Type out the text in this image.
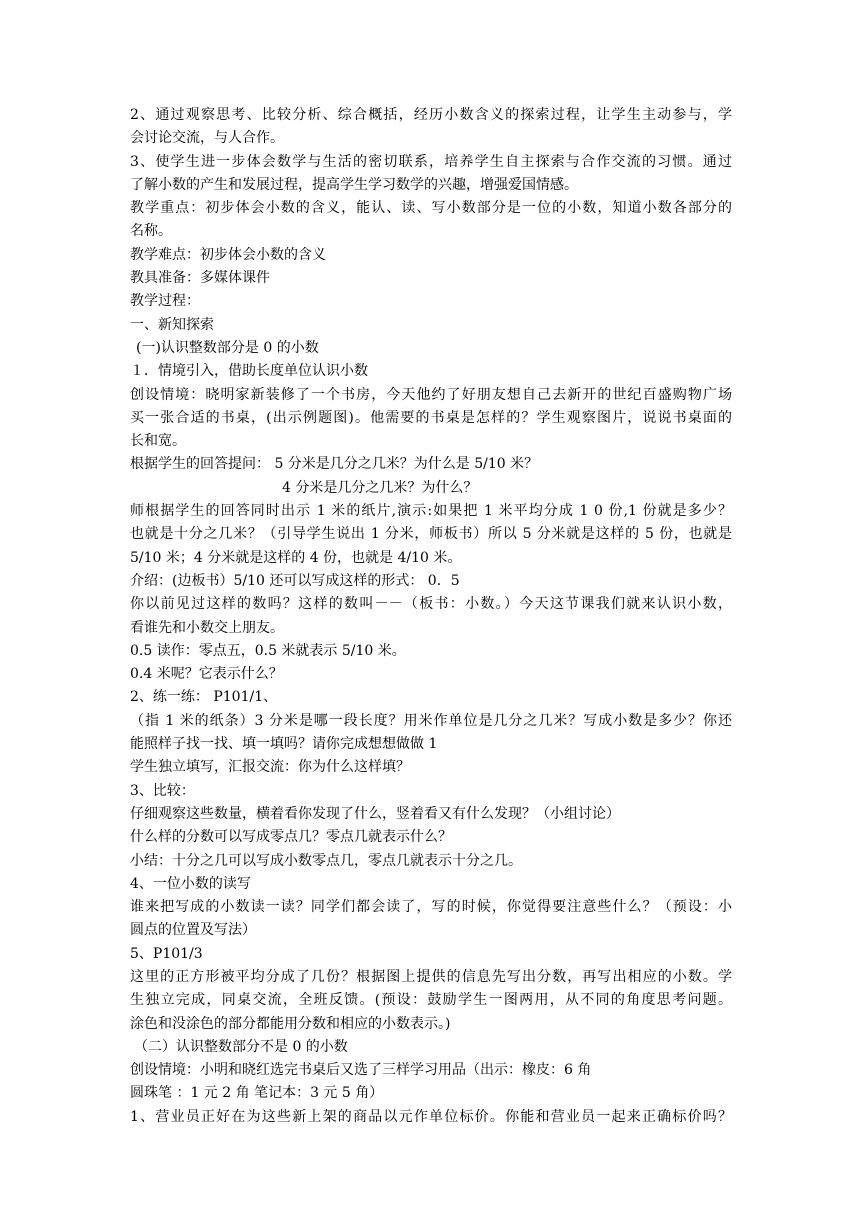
2、通过观察思考、比较分析、综合概括，经历小数含义的探索过程，让学生主动参与，学
会讨论交流，与人合作。
3、使学生进一步体会数学与生活的密切联系，培养学生自主探索与合作交流的习惯。通过
了解小数的产生和发展过程，提高学生学习数学的兴趣，增强爱国情感。
教学重点：初步体会小数的含义，能认、读、写小数部分是一位的小数，知道小数各部分的
名称。
教学难点：初步体会小数的含义
教具准备：多媒体课件
教学过程：
一、新知探索
(一)认识整数部分是 0 的小数
１．情境引入，借助长度单位认识小数
创设情境：晓明家新装修了一个书房，今天他约了好朋友想自己去新开的世纪百盛购物广场
买一张合适的书桌，(出示例题图)。他需要的书桌是怎样的？学生观察图片，说说书桌面的
长和宽。
根据学生的回答提问： 5 分米是几分之几米？为什么是 5/10 米？
4 分米是几分之几米？为什么？
师根据学生的回答同时出示 1 米的纸片,演示:如果把 1 米平均分成 1 0 份,1 份就是多少？
也就是十分之几米？（引导学生说出 1 分米，师板书）所以 5 分米就是这样的 5 份，也就是
5/10 米；4 分米就是这样的 4 份，也就是 4/10 米。
介绍：(边板书）5/10 还可以写成这样的形式： 0．5
你以前见过这样的数吗？这样的数叫－－（板书：小数。）今天这节课我们就来认识小数，
看谁先和小数交上朋友。
0.5 读作：零点五，0.5 米就表示 5/10 米。
0.4 米呢？它表示什么？
2、练一练： P101/1、
（指 1 米的纸条）3 分米是哪一段长度？用米作单位是几分之几米？写成小数是多少？你还
能照样子找一找、填一填吗？请你完成想想做做 1
学生独立填写，汇报交流：你为什么这样填？
3、比较：
仔细观察这些数量，横着看你发现了什么，竖着看又有什么发现？（小组讨论）
什么样的分数可以写成零点几？零点几就表示什么？
小结：十分之几可以写成小数零点几，零点几就表示十分之几。
4、一位小数的读写
谁来把写成的小数读一读？同学们都会读了，写的时候，你觉得要注意些什么？（预设：小
圆点的位置及写法）
5、P101/3
这里的正方形被平均分成了几份？根据图上提供的信息先写出分数，再写出相应的小数。学
生独立完成，同桌交流，全班反馈。(预设：鼓励学生一图两用，从不同的角度思考问题。
涂色和没涂色的部分都能用分数和相应的小数表示。)
（二）认识整数部分不是 0 的小数
创设情境：小明和晓红选完书桌后又选了三样学习用品（出示：橡皮：6 角
圆珠笔 ：1 元 2 角 笔记本：3 元 5 角）
1、营业员正好在为这些新上架的商品以元作单位标价。你能和营业员一起来正确标价吗？
